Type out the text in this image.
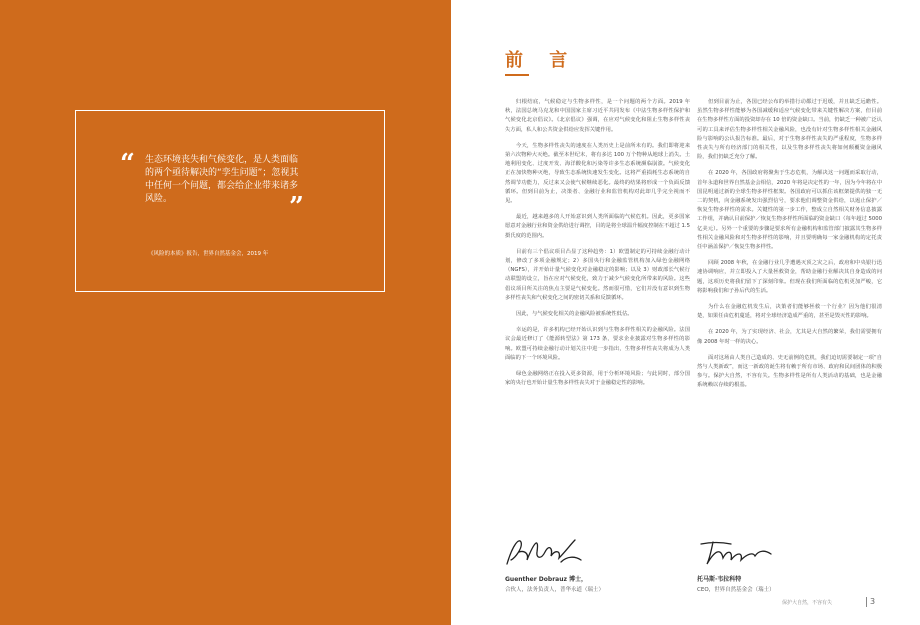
“ 生态环境丧失和气候变化，是人类面临的两个亟待解决的“孪生问题”；忽视其中任何一个问题，都会给企业带来诸多风险。	”
《风险的本质》报告，世界自然基金会，2019 年
前 言

归根结底，气候稳定与生物多样性，是一个问题的两个方面。2019 年秋，法国总统马克龙和中国国家主席习近平共同发布《中法生物多样性保护和气候变化北京倡议》。《北京倡议》强调，在应对气候变化和阻止生物多样性丧失方面，私人和公共资金供给应发挥关键作用。

今天，生物多样性丧失的速度在人类历史上是前所未有的。我们即将迎来第六次物种大灭绝。截至本世纪末，将有多达 100 万个物种从地球上消失。土地利用变化、过度开发、海洋酸化和污染等许多生态系统濒临崩溃。气候变化正在加快物种灭绝，导致生态系统快速发生变化。这将严重损耗生态系统的自然调节功能力，反过来又会使气候继续恶化。最终的结果将形成一个负面反馈循环。但到目前为止，决策者、金融行业和监管机构对此却几乎完全视而不见。

最近，越来越多的人开始意识到人类所面临的气候危机。因此，更多国家愿意对金融行业和资金供给进行调控，目的是将全球温升幅度控制在不超过 1.5 摄氏度的范围内。

目前有三个倡议项目凸显了这种趋势：1）欧盟制定的可持续金融行动计划，修改了多项金融规定；2）多国央行和金融监管机构加入绿色金融网络（NGFS），并开始计量气候变化对金融稳定的影响；以及 3）财政部长气候行动联盟的设立，旨在应对气候变化，致力于减少气候变化所带来的风险。这些倡议项目所关注的焦点主要是气候变化。然而很可惜，它们并没有意识到生物多样性丧失和气候变化之间的密切关系和反馈循环。

因此，与气候变化相关的金融风险被系统性低估。

幸运的是，许多机构已经开始认识到与生物多样性相关的金融风险。法国议会最近修订了《能源转型法》第 173 条，要求企业披露对生物多样性的影响。欧盟可持续金融行动计划关注中进一步指出，生物多样性丧失将成为人类面临的下一个环境风险。

绿色金融网络正在投入更多资源，用于分析环境风险；与此同时，部分国家的央行也开始计量生物多样性丧失对于金融稳定性的影响。

但到目前为止，各国已经公布的举措行动都过于迟缓，并且缺乏远瞻性。虽然生物多样性能够为各国减缓和适应气候变化带来关键性解决方案，但目前在生物多样性方面的投资却存在 10 倍的资金缺口。当前，仍缺乏一种被广泛认可的工具来评估生物多样性相关金融风险，也没有针对生物多样性相关金融风险与影响的公认报告标准。最后，对于生物多样性丧失的严重程度，生物多样性丧失与所有经济部门的相关性，以及生物多样性丧失将如何颠覆资金融风险，我们仍缺乏充分了解。

在 2020 年，各国政府将聚焦于生态危机，为解决这一问题而采取行动，首年永道和世界自然基金会相信，2020 年将是决定性的一年，因为今年将在中国昆明通过新的全球生物多样性框架。各国政府可以抓住该框架提供的独一无二的契机，向金融系统发出强烈信号，要求他们调整资金供给，以遏止保护／恢复生物多样性的需求。关键性的第一步工作，整成立自然相关财务信息披露工作组，并确认目前保护／恢复生物多样性所面临的资金缺口（每年超过 5000 亿美元）。另外一个重要的步骤是要求所有金融机构和监管部门披露其生物多样性相关金融风险和对生物多样性的影响，并且要明确每一家金融机构的定托责任中涵盖保护／恢复生物多样性。

回顾 2008 年秋，在金融行业几乎遭遇灭顶之灾之后，政府和中央银行迅速协调响应，并立即投入了大量拯救资金，帮助金融行业解决其自身造成的问题，这项历史将我们留下了深刻印象。但现在我们所面临的危机更加严峻，它将影响我们和子孙后代的生活。

为什么在金融危机发生后，决策者们能够拯救一个行业？因为他们很清楚，如果任由危机蔓延，将对全球经济造成严重的，甚至是毁灭性的影响。

在 2020 年，为了实现经济、社会，尤其是大自然的繁荣，我们需要拥有像 2008 年时一样的决心。

面对这场由人类自己造成的、史无前例的危机，我们迫切需要制定一项“自然与人类新政”，而这一新政的诞生将有赖于所有市场、政府和民间团体的积极参与。保护大自然，不容有失。生物多样性是所有人类活动的基础，也是金融系统赖以存续的根基。

Guenther Dobrauz 博士，
合伙人，法务负责人，普华永道（瑞士）
托马斯·韦拉科特
CEO，世界自然基金会（瑞士）
保护大自然，不容有失	3
